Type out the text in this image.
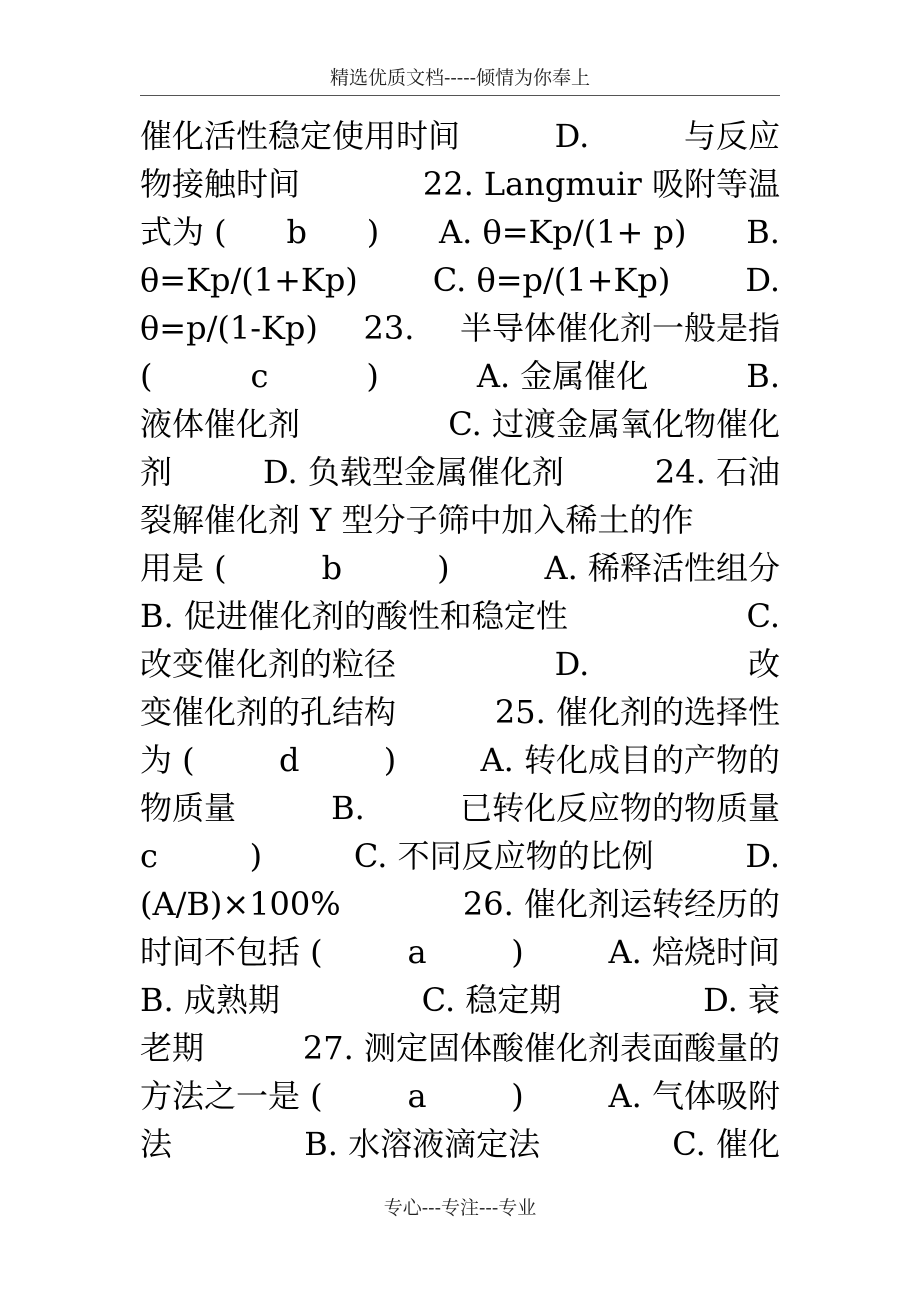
精选优质文档-----倾情为你奉上
催化活性稳定使用时间	D.	与反应
物接触时间	22. Langmuir 吸附等温
式为 ( b ) A. θ=Kp/(1+ p) B.
θ=Kp/(1+Kp) C. θ=p/(1+Kp) D.
θ=p/(1-Kp) 23. 半导体催化剂一般是指
(	c	)	A. 金属催化	B.
液体催化剂	C. 过渡金属氧化物催化
剂	D. 负载型金属催化剂	24. 石油
裂解催化剂 Y 型分子筛中加入稀土的作
用是 (	b	)	A. 稀释活性组分
B. 促进催化剂的酸性和稳定性	C.
改变催化剂的粒径	D.	改
变催化剂的孔结构	25. 催化剂的选择性
为 (	d	)	A. 转化成目的产物的
物质量	B.	已转化反应物的物质量
c	)	C. 不同反应物的比例	D.
(A/B)×100%	26. 催化剂运转经历的
时间不包括 (	a	)	A. 焙烧时间
B. 成熟期	C. 稳定期	D. 衰
老期	27. 测定固体酸催化剂表面酸量的
方法之一是 (	a	)	A. 气体吸附
法	B. 水溶液滴定法	C. 催化
专心---专注---专业
